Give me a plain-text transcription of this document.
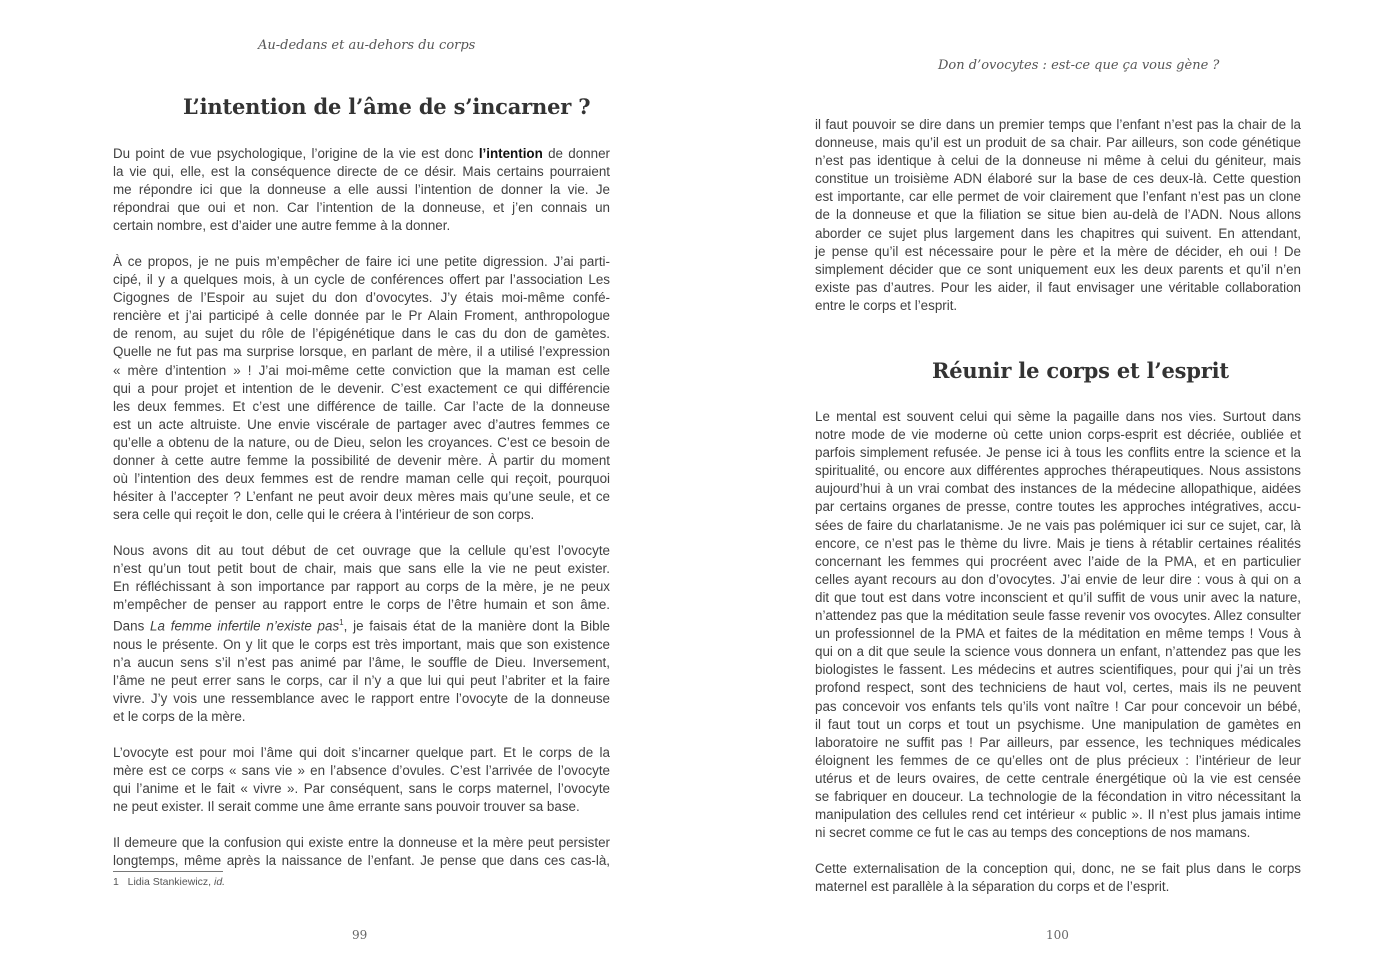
Au-dedans et au-dehors du corps
L’intention de l’âme de s’incarner ?
Du point de vue psychologique, l’origine de la vie est donc l’intention de donner
la vie qui, elle, est la conséquence directe de ce désir. Mais certains pourraient
me répondre ici que la donneuse a elle aussi l’intention de donner la vie. Je
répondrai que oui et non. Car l’intention de la donneuse, et j’en connais un
certain nombre, est d’aider une autre femme à la donner.
À ce propos, je ne puis m’empêcher de faire ici une petite digression. J’ai parti-
cipé, il y a quelques mois, à un cycle de conférences offert par l’association Les
Cigognes de l’Espoir au sujet du don d’ovocytes. J’y étais moi-même confé-
rencière et j’ai participé à celle donnée par le Pr Alain Froment, anthropologue
de renom, au sujet du rôle de l’épigénétique dans le cas du don de gamètes.
Quelle ne fut pas ma surprise lorsque, en parlant de mère, il a utilisé l’expression
« mère d’intention » ! J’ai moi-même cette conviction que la maman est celle
qui a pour projet et intention de le devenir. C’est exactement ce qui différencie
les deux femmes. Et c’est une différence de taille. Car l’acte de la donneuse
est un acte altruiste. Une envie viscérale de partager avec d’autres femmes ce
qu’elle a obtenu de la nature, ou de Dieu, selon les croyances. C’est ce besoin de
donner à cette autre femme la possibilité de devenir mère. À partir du moment
où l’intention des deux femmes est de rendre maman celle qui reçoit, pourquoi
hésiter à l’accepter ? L’enfant ne peut avoir deux mères mais qu’une seule, et ce
sera celle qui reçoit le don, celle qui le créera à l’intérieur de son corps.
Nous avons dit au tout début de cet ouvrage que la cellule qu’est l’ovocyte
n’est qu’un tout petit bout de chair, mais que sans elle la vie ne peut exister.
En réfléchissant à son importance par rapport au corps de la mère, je ne peux
m’empêcher de penser au rapport entre le corps de l’être humain et son âme.
Dans La femme infertile n’existe pas$^1$, je faisais état de la manière dont la Bible
nous le présente. On y lit que le corps est très important, mais que son existence
n’a aucun sens s’il n’est pas animé par l’âme, le souffle de Dieu. Inversement,
l’âme ne peut errer sans le corps, car il n’y a que lui qui peut l’abriter et la faire
vivre. J’y vois une ressemblance avec le rapport entre l’ovocyte de la donneuse
et le corps de la mère.
L’ovocyte est pour moi l’âme qui doit s’incarner quelque part. Et le corps de la
mère est ce corps « sans vie » en l’absence d’ovules. C’est l’arrivée de l’ovocyte
qui l’anime et le fait « vivre ». Par conséquent, sans le corps maternel, l’ovocyte
ne peut exister. Il serait comme une âme errante sans pouvoir trouver sa base.
Il demeure que la confusion qui existe entre la donneuse et la mère peut persister
longtemps, même après la naissance de l’enfant. Je pense que dans ces cas-là,
1 Lidia Stankiewicz, id.
99
Don d’ovocytes : est-ce que ça vous gène ?
il faut pouvoir se dire dans un premier temps que l’enfant n’est pas la chair de la
donneuse, mais qu’il est un produit de sa chair. Par ailleurs, son code génétique
n’est pas identique à celui de la donneuse ni même à celui du géniteur, mais
constitue un troisième ADN élaboré sur la base de ces deux-là. Cette question
est importante, car elle permet de voir clairement que l’enfant n’est pas un clone
de la donneuse et que la filiation se situe bien au-delà de l’ADN. Nous allons
aborder ce sujet plus largement dans les chapitres qui suivent. En attendant,
je pense qu’il est nécessaire pour le père et la mère de décider, eh oui ! De
simplement décider que ce sont uniquement eux les deux parents et qu’il n’en
existe pas d’autres. Pour les aider, il faut envisager une véritable collaboration
entre le corps et l’esprit.
Réunir le corps et l’esprit
Le mental est souvent celui qui sème la pagaille dans nos vies. Surtout dans
notre mode de vie moderne où cette union corps-esprit est décriée, oubliée et
parfois simplement refusée. Je pense ici à tous les conflits entre la science et la
spiritualité, ou encore aux différentes approches thérapeutiques. Nous assistons
aujourd’hui à un vrai combat des instances de la médecine allopathique, aidées
par certains organes de presse, contre toutes les approches intégratives, accu-
sées de faire du charlatanisme. Je ne vais pas polémiquer ici sur ce sujet, car, là
encore, ce n’est pas le thème du livre. Mais je tiens à rétablir certaines réalités
concernant les femmes qui procréent avec l’aide de la PMA, et en particulier
celles ayant recours au don d’ovocytes. J’ai envie de leur dire : vous à qui on a
dit que tout est dans votre inconscient et qu’il suffit de vous unir avec la nature,
n’attendez pas que la méditation seule fasse revenir vos ovocytes. Allez consulter
un professionnel de la PMA et faites de la méditation en même temps ! Vous à
qui on a dit que seule la science vous donnera un enfant, n’attendez pas que les
biologistes le fassent. Les médecins et autres scientifiques, pour qui j’ai un très
profond respect, sont des techniciens de haut vol, certes, mais ils ne peuvent
pas concevoir vos enfants tels qu’ils vont naître ! Car pour concevoir un bébé,
il faut tout un corps et tout un psychisme. Une manipulation de gamètes en
laboratoire ne suffit pas ! Par ailleurs, par essence, les techniques médicales
éloignent les femmes de ce qu’elles ont de plus précieux : l’intérieur de leur
utérus et de leurs ovaires, de cette centrale énergétique où la vie est censée
se fabriquer en douceur. La technologie de la fécondation in vitro nécessitant la
manipulation des cellules rend cet intérieur « public ». Il n’est plus jamais intime
ni secret comme ce fut le cas au temps des conceptions de nos mamans.
Cette externalisation de la conception qui, donc, ne se fait plus dans le corps
maternel est parallèle à la séparation du corps et de l’esprit.
100
